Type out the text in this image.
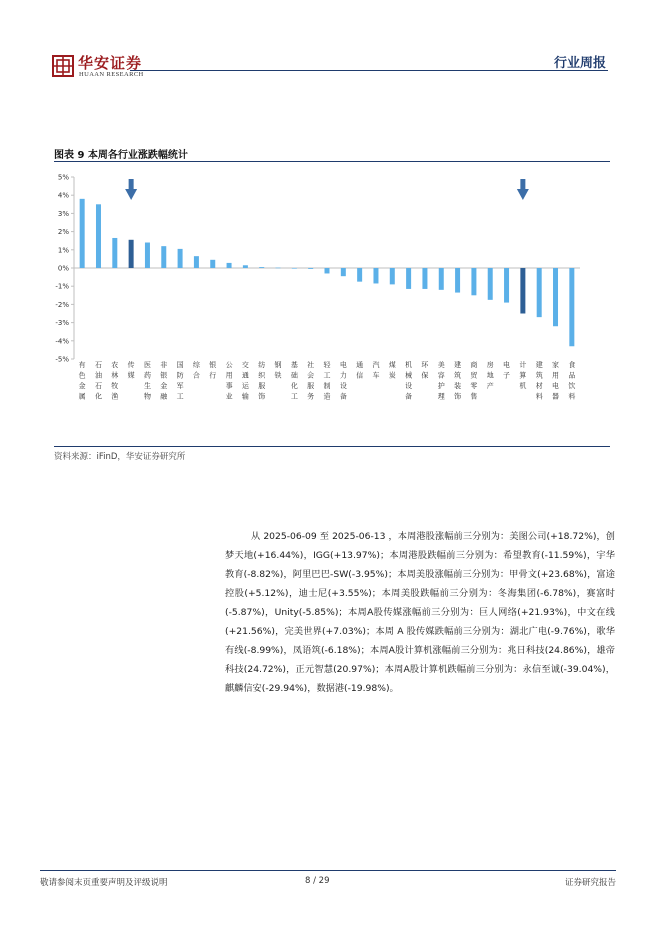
华安证券
HUAAN RESEARCH
行业周报
图表 9 本周各行业涨跌幅统计
5%
4%
3%
2%
1%
0%
-1%
-2%
-3%
-4%
-5%
有色金属
石油石化
农林牧渔
传媒
医药生物
非银金融
国防军工
综合
银行
公用事业
交通运输
纺织服饰
钢铁
基础化工
社会服务
轻工制造
电力设备
通信
汽车
煤炭
机械设备
环保
美容护理
建筑装饰
商贸零售
房地产
电子
计算机
建筑材料
家用电器
食品饮料
资料来源：iFinD，华安证券研究所

从 2025-06-09 至 2025-06-13 ，本周港股涨幅前三分别为：美图公司(+18.72%)，创梦天地(+16.44%)，IGG(+13.97%)；本周港股跌幅前三分别为：希望教育(-11.59%)，宇华教育(-8.82%)，阿里巴巴-SW(-3.95%)；本周美股涨幅前三分别为：甲骨文(+23.68%)，富途控股(+5.12%)，迪士尼(+3.55%)；本周美股跌幅前三分别为：冬海集团(-6.78%)，赛富时(-5.87%)，Unity(-5.85%)；本周A股传媒涨幅前三分别为：巨人网络(+21.93%)，中文在线(+21.56%)，完美世界(+7.03%)；本周 A 股传媒跌幅前三分别为：湖北广电(-9.76%)，歌华有线(-8.99%)，凤语筑(-6.18%)；本周A股计算机涨幅前三分别为：兆日科技(24.86%)，雄帝科技(24.72%)，正元智慧(20.97%)；本周A股计算机跌幅前三分别为：永信至诚(-39.04%)，麒麟信安(-29.94%)，数据港(-19.98%)。

敬请参阅末页重要声明及评级说明	8 / 29	证券研究报告
